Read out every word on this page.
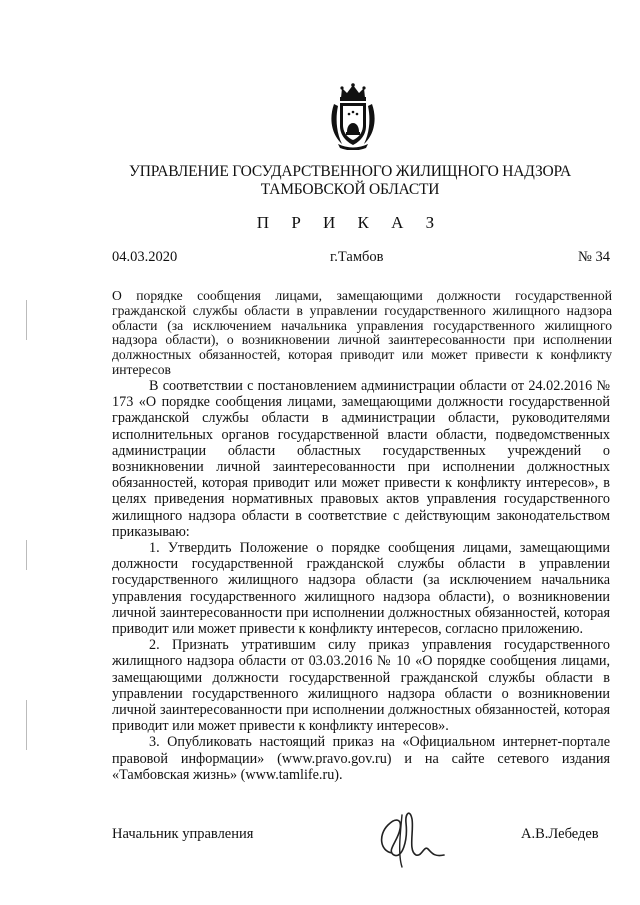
УПРАВЛЕНИЕ ГОСУДАРСТВЕННОГО ЖИЛИЩНОГО НАДЗОРА
ТАМБОВСКОЙ ОБЛАСТИ
П Р И К А З
04.03.2020	г.Тамбов	№ 34
О порядке сообщения лицами, замещающими должности государственной гражданской службы области в управлении государственного жилищного надзора области (за исключением начальника управления государственного жилищного надзора области), о возникновении личной заинтересованности при исполнении должностных обязанностей, которая приводит или может привести к конфликту интересов

В соответствии с постановлением администрации области от 24.02.2016 № 173 «О порядке сообщения лицами, замещающими должности государственной гражданской службы области в администрации области, руководителями исполнительных органов государственной власти области, подведомственных администрации области областных государственных учреждений о возникновении личной заинтересованности при исполнении должностных обязанностей, которая приводит или может привести к конфликту интересов», в целях приведения нормативных правовых актов управления государственного жилищного надзора области в соответствие с действующим законодательством приказываю:

1. Утвердить Положение о порядке сообщения лицами, замещающими должности государственной гражданской службы области в управлении государственного жилищного надзора области (за исключением начальника управления государственного жилищного надзора области), о возникновении личной заинтересованности при исполнении должностных обязанностей, которая приводит или может привести к конфликту интересов, согласно приложению.

2. Признать утратившим силу приказ управления государственного жилищного надзора области от 03.03.2016 № 10 «О порядке сообщения лицами, замещающими должности государственной гражданской службы области в управлении государственного жилищного надзора области о возникновении личной заинтересованности при исполнении должностных обязанностей, которая приводит или может привести к конфликту интересов».

3. Опубликовать настоящий приказ на «Официальном интернет-портале правовой информации» (www.pravo.gov.ru) и на сайте сетевого издания «Тамбовская жизнь» (www.tamlife.ru).

Начальник управления	А.В.Лебедев
